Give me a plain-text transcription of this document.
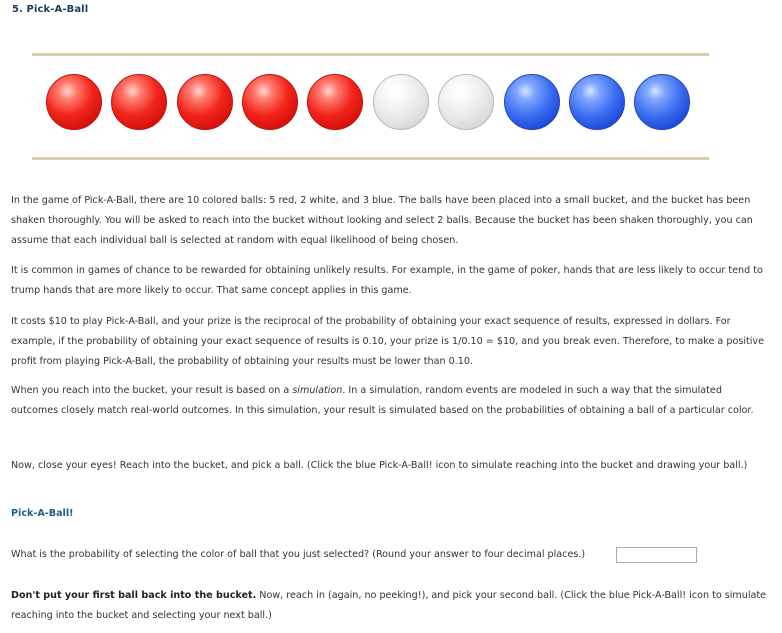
5. Pick-A-Ball

In the game of Pick-A-Ball, there are 10 colored balls: 5 red, 2 white, and 3 blue. The balls have been placed into a small bucket, and the bucket has been shaken thoroughly. You will be asked to reach into the bucket without looking and select 2 balls. Because the bucket has been shaken thoroughly, you can assume that each individual ball is selected at random with equal likelihood of being chosen.

It is common in games of chance to be rewarded for obtaining unlikely results. For example, in the game of poker, hands that are less likely to occur tend to trump hands that are more likely to occur. That same concept applies in this game.

It costs $10 to play Pick-A-Ball, and your prize is the reciprocal of the probability of obtaining your exact sequence of results, expressed in dollars. For example, if the probability of obtaining your exact sequence of results is 0.10, your prize is 1/0.10 = $10, and you break even. Therefore, to make a positive profit from playing Pick-A-Ball, the probability of obtaining your results must be lower than 0.10.

When you reach into the bucket, your result is based on a simulation. In a simulation, random events are modeled in such a way that the simulated outcomes closely match real-world outcomes. In this simulation, your result is simulated based on the probabilities of obtaining a ball of a particular color.

Now, close your eyes! Reach into the bucket, and pick a ball. (Click the blue Pick-A-Ball! icon to simulate reaching into the bucket and drawing your ball.)

Pick-A-Ball!

What is the probability of selecting the color of ball that you just selected? (Round your answer to four decimal places.)

Don't put your first ball back into the bucket. Now, reach in (again, no peeking!), and pick your second ball. (Click the blue Pick-A-Ball! icon to simulate reaching into the bucket and selecting your next ball.)
